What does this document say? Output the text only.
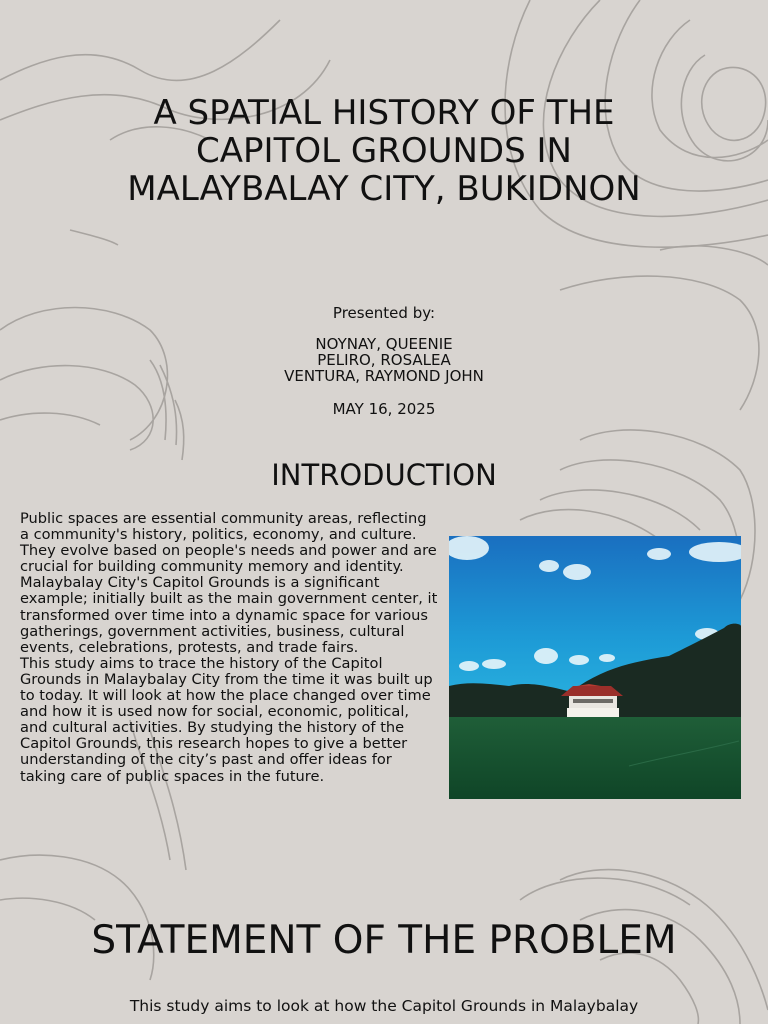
A SPATIAL HISTORY OF THE CAPITOL GROUNDS IN MALAYBALAY CITY, BUKIDNON
Presented by:
NOYNAY, QUEENIE
PELIRO, ROSALEA
VENTURA, RAYMOND JOHN
MAY 16, 2025
INTRODUCTION

Public spaces are essential community areas, reflecting a community's history, politics, economy, and culture. They evolve based on people's needs and power and are crucial for building community memory and identity. Malaybalay City's Capitol Grounds is a significant example; initially built as the main government center, it transformed over time into a dynamic space for various gatherings, government activities, business, cultural events, celebrations, protests, and trade fairs.

This study aims to trace the history of the Capitol Grounds in Malaybalay City from the time it was built up to today. It will look at how the place changed over time and how it is used now for social, economic, political, and cultural activities. By studying the history of the Capitol Grounds, this research hopes to give a better understanding of the city’s past and offer ideas for taking care of public spaces in the future.

STATEMENT OF THE PROBLEM
This study aims to look at how the Capitol Grounds in Malaybalay
